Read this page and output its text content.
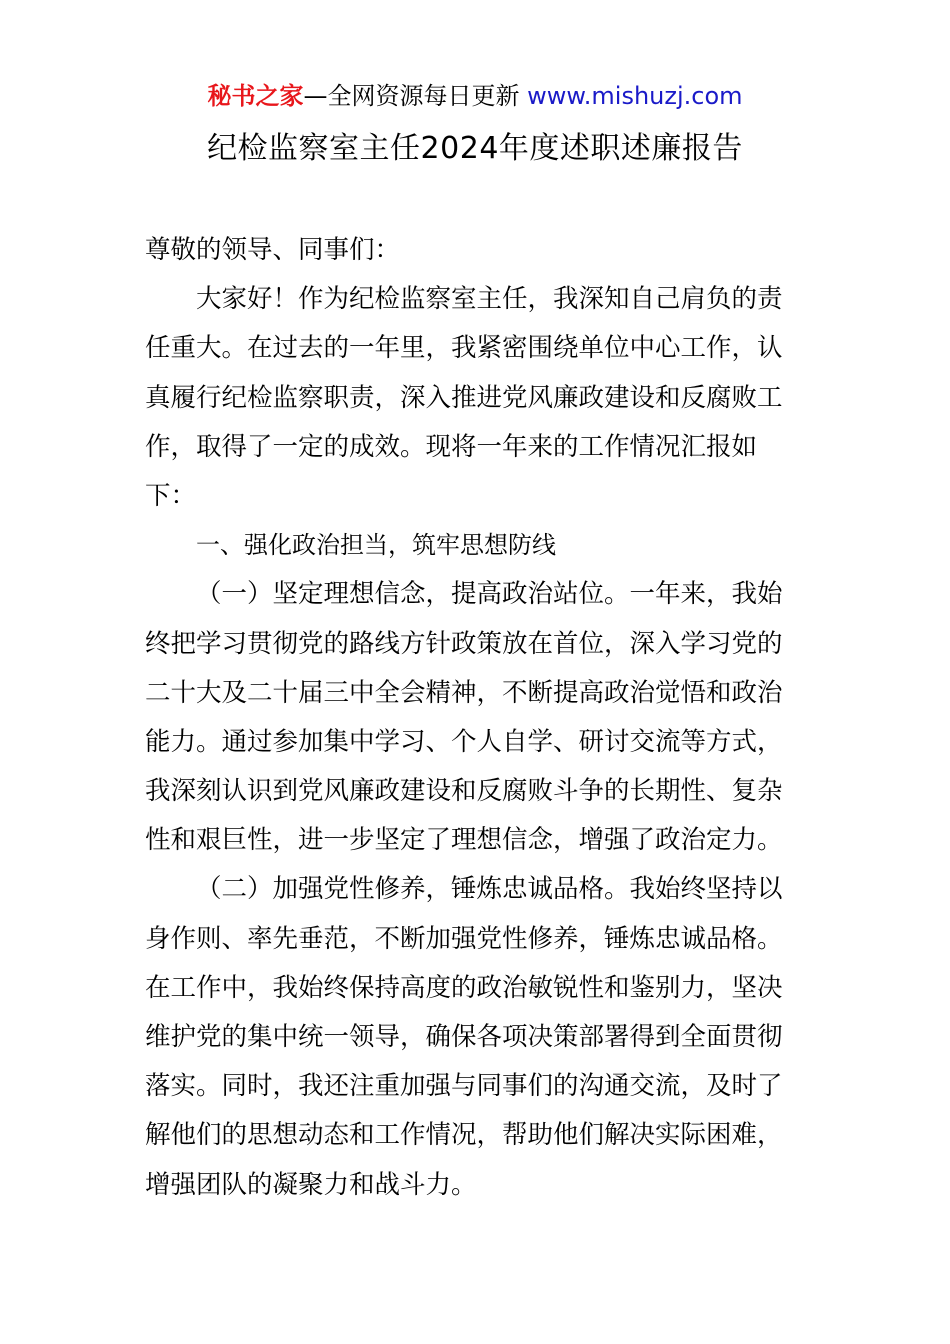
秘书之家—全网资源每日更新 www.mishuzj.com
纪检监察室主任2024年度述职述廉报告
尊敬的领导、同事们：
大家好！作为纪检监察室主任，我深知自己肩负的责
任重大。在过去的一年里，我紧密围绕单位中心工作，认
真履行纪检监察职责，深入推进党风廉政建设和反腐败工
作，取得了一定的成效。现将一年来的工作情况汇报如
下：
一、强化政治担当，筑牢思想防线
（一）坚定理想信念，提高政治站位。一年来，我始
终把学习贯彻党的路线方针政策放在首位，深入学习党的
二十大及二十届三中全会精神，不断提高政治觉悟和政治
能力。通过参加集中学习、个人自学、研讨交流等方式，
我深刻认识到党风廉政建设和反腐败斗争的长期性、复杂
性和艰巨性，进一步坚定了理想信念，增强了政治定力。
（二）加强党性修养，锤炼忠诚品格。我始终坚持以
身作则、率先垂范，不断加强党性修养，锤炼忠诚品格。
在工作中，我始终保持高度的政治敏锐性和鉴别力，坚决
维护党的集中统一领导，确保各项决策部署得到全面贯彻
落实。同时，我还注重加强与同事们的沟通交流，及时了
解他们的思想动态和工作情况，帮助他们解决实际困难，
增强团队的凝聚力和战斗力。
